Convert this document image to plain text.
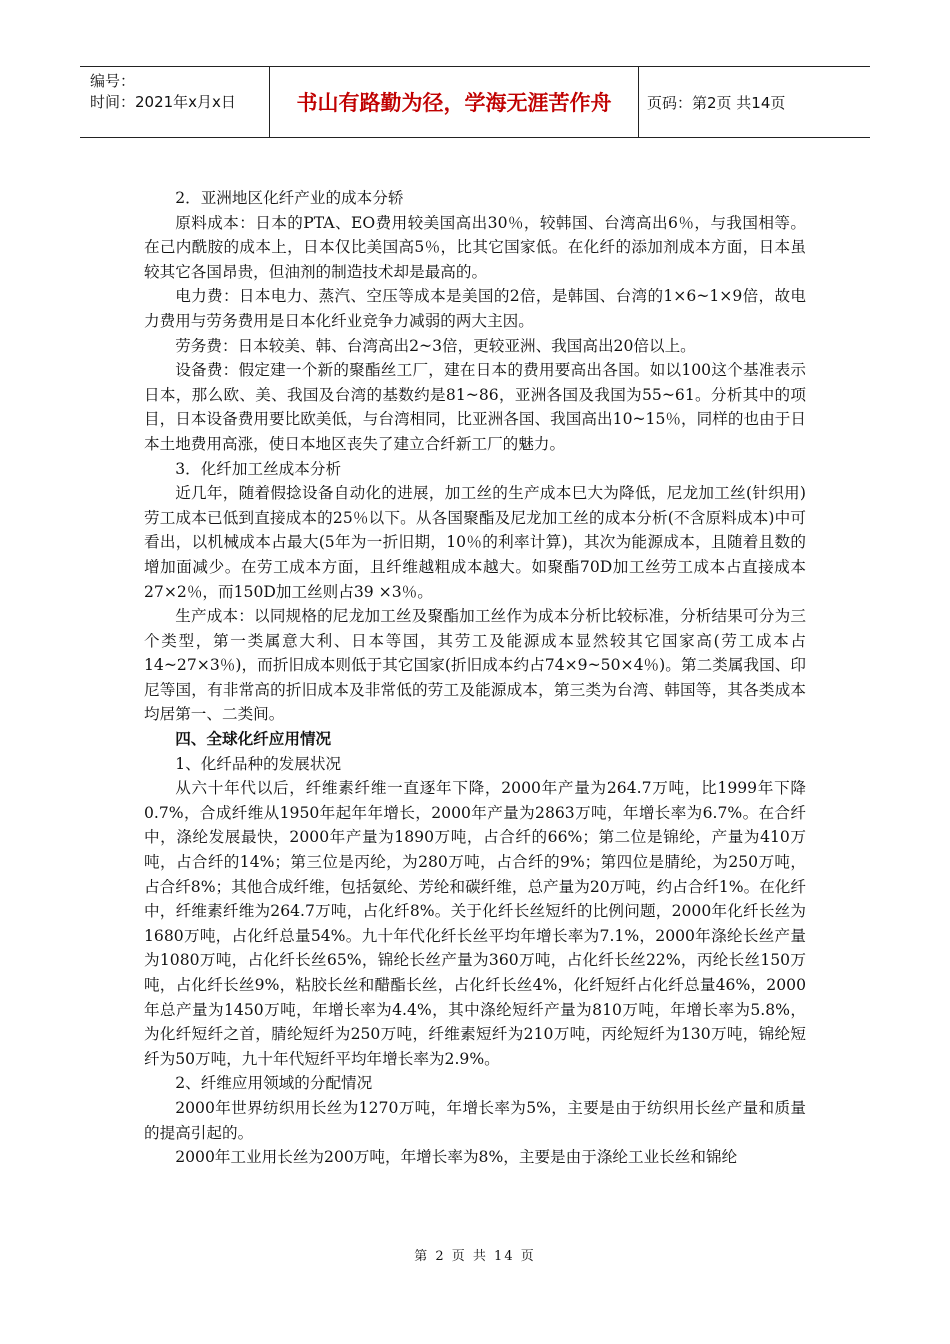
编号：
时间：2021年x月x日	书山有路勤为径，学海无涯苦作舟	页码：第2页 共14页

2．亚洲地区化纤产业的成本分轿

原料成本：日本的PTA、EO费用较美国高出30％，较韩国、台湾高出6％，与我国相等。在己内酰胺的成本上，日本仅比美国高5％，比其它国家低。在化纤的添加剂成本方面，日本虽较其它各国昂贵，但油剂的制造技术却是最高的。

电力费：日本电力、蒸汽、空压等成本是美国的2倍，是韩国、台湾的1×6~1×9倍，故电力费用与劳务费用是日本化纤业竞争力减弱的两大主因。

劳务费：日本较美、韩、台湾高出2~3倍，更较亚洲、我国高出20倍以上。

设备费：假定建一个新的聚酯丝工厂，建在日本的费用要高出各国。如以100这个基准表示日本，那么欧、美、我国及台湾的基数约是81~86，亚洲各国及我国为55~61。分析其中的项目，日本设备费用要比欧美低，与台湾相同，比亚洲各国、我国高出10~15％，同样的也由于日本土地费用高涨，使日本地区丧失了建立合纤新工厂的魅力。

3．化纤加工丝成本分析

近几年，随着假捻设备自动化的进展，加工丝的生产成本巳大为降低，尼龙加工丝(针织用)劳工成本已低到直接成本的25％以下。从各国聚酯及尼龙加工丝的成本分析(不含原料成本)中可看出，以机械成本占最大(5年为一折旧期，10％的利率计算)，其次为能源成本，且随着且数的增加面减少。在劳工成本方面，且纤维越粗成本越大。如聚酯70D加工丝劳工成本占直接成本27×2％，而150D加工丝则占39 ×3％。

生产成本：以同规格的尼龙加工丝及聚酯加工丝作为成本分析比较标准，分析结果可分为三个类型，第一类属意大利、日本等国，其劳工及能源成本显然较其它国家高(劳工成本占14~27×3％)，而折旧成本则低于其它国家(折旧成本约占74×9~50×4％)。第二类属我国、印尼等国，有非常高的折旧成本及非常低的劳工及能源成本，第三类为台湾、韩国等，其各类成本均居第一、二类间。

四、全球化纤应用情况

1、化纤品种的发展状况

从六十年代以后，纤维素纤维一直逐年下降，2000年产量为264.7万吨，比1999年下降0.7%，合成纤维从1950年起年年增长，2000年产量为2863万吨，年增长率为6.7%。在合纤中，涤纶发展最快，2000年产量为1890万吨，占合纤的66%；第二位是锦纶，产量为410万吨，占合纤的14%；第三位是丙纶，为280万吨，占合纤的9%；第四位是腈纶，为250万吨，占合纤8%；其他合成纤维，包括氨纶、芳纶和碳纤维，总产量为20万吨，约占合纤1%。在化纤中，纤维素纤维为264.7万吨，占化纤8%。关于化纤长丝短纤的比例问题，2000年化纤长丝为1680万吨，占化纤总量54%。九十年代化纤长丝平均年增长率为7.1%，2000年涤纶长丝产量为1080万吨，占化纤长丝65%，锦纶长丝产量为360万吨，占化纤长丝22%，丙纶长丝150万吨，占化纤长丝9%，粘胶长丝和醋酯长丝，占化纤长丝4%，化纤短纤占化纤总量46%，2000年总产量为1450万吨，年增长率为4.4%，其中涤纶短纤产量为810万吨，年增长率为5.8%，为化纤短纤之首，腈纶短纤为250万吨，纤维素短纤为210万吨，丙纶短纤为130万吨，锦纶短纤为50万吨，九十年代短纤平均年增长率为2.9%。

2、纤维应用领域的分配情况

2000年世界纺织用长丝为1270万吨，年增长率为5%，主要是由于纺织用长丝产量和质量的提高引起的。

2000年工业用长丝为200万吨，年增长率为8%，主要是由于涤纶工业长丝和锦纶

第 2 页 共 14 页
